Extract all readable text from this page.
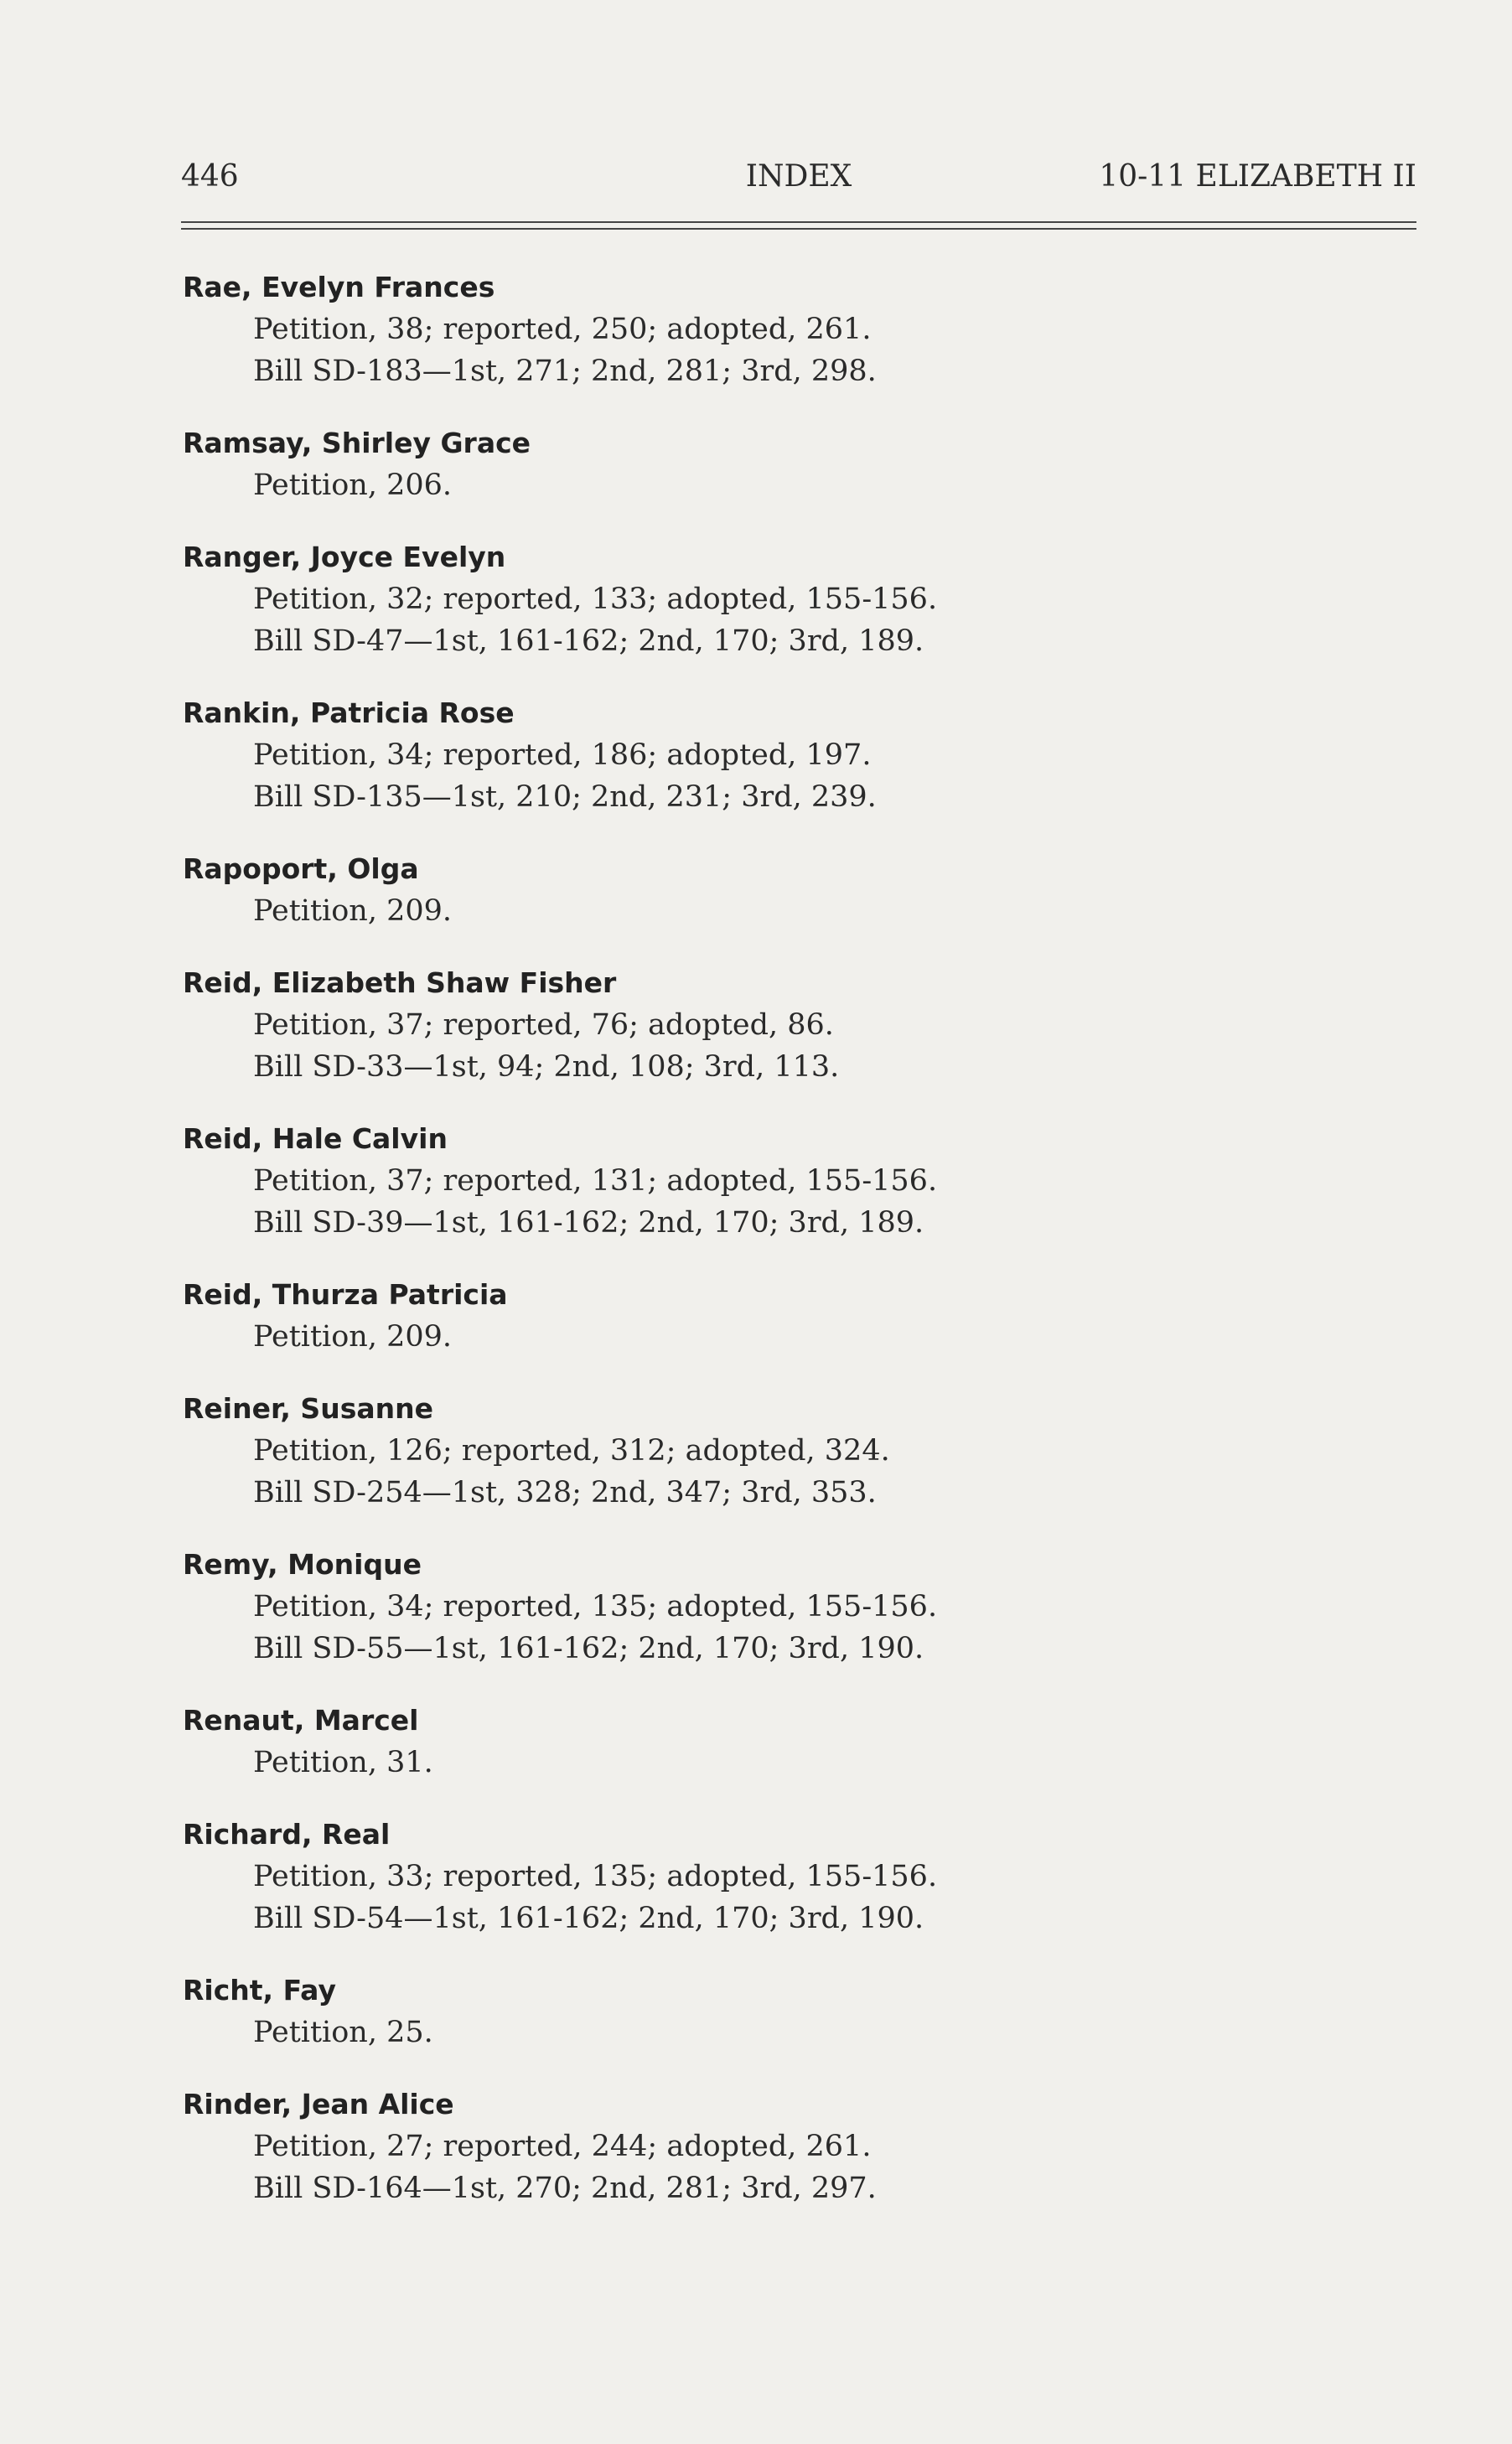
446	INDEX	10-11 ELIZABETH II
Rae, Evelyn Frances
Petition, 38; reported, 250; adopted, 261.
Bill SD-183—1st, 271; 2nd, 281; 3rd, 298.
Ramsay, Shirley Grace
Petition, 206.
Ranger, Joyce Evelyn
Petition, 32; reported, 133; adopted, 155-156.
Bill SD-47—1st, 161-162; 2nd, 170; 3rd, 189.
Rankin, Patricia Rose
Petition, 34; reported, 186; adopted, 197.
Bill SD-135—1st, 210; 2nd, 231; 3rd, 239.
Rapoport, Olga
Petition, 209.
Reid, Elizabeth Shaw Fisher
Petition, 37; reported, 76; adopted, 86.
Bill SD-33—1st, 94; 2nd, 108; 3rd, 113.
Reid, Hale Calvin
Petition, 37; reported, 131; adopted, 155-156.
Bill SD-39—1st, 161-162; 2nd, 170; 3rd, 189.
Reid, Thurza Patricia
Petition, 209.
Reiner, Susanne
Petition, 126; reported, 312; adopted, 324.
Bill SD-254—1st, 328; 2nd, 347; 3rd, 353.
Remy, Monique
Petition, 34; reported, 135; adopted, 155-156.
Bill SD-55—1st, 161-162; 2nd, 170; 3rd, 190.
Renaut, Marcel
Petition, 31.
Richard, Real
Petition, 33; reported, 135; adopted, 155-156.
Bill SD-54—1st, 161-162; 2nd, 170; 3rd, 190.
Richt, Fay
Petition, 25.
Rinder, Jean Alice
Petition, 27; reported, 244; adopted, 261.
Bill SD-164—1st, 270; 2nd, 281; 3rd, 297.
